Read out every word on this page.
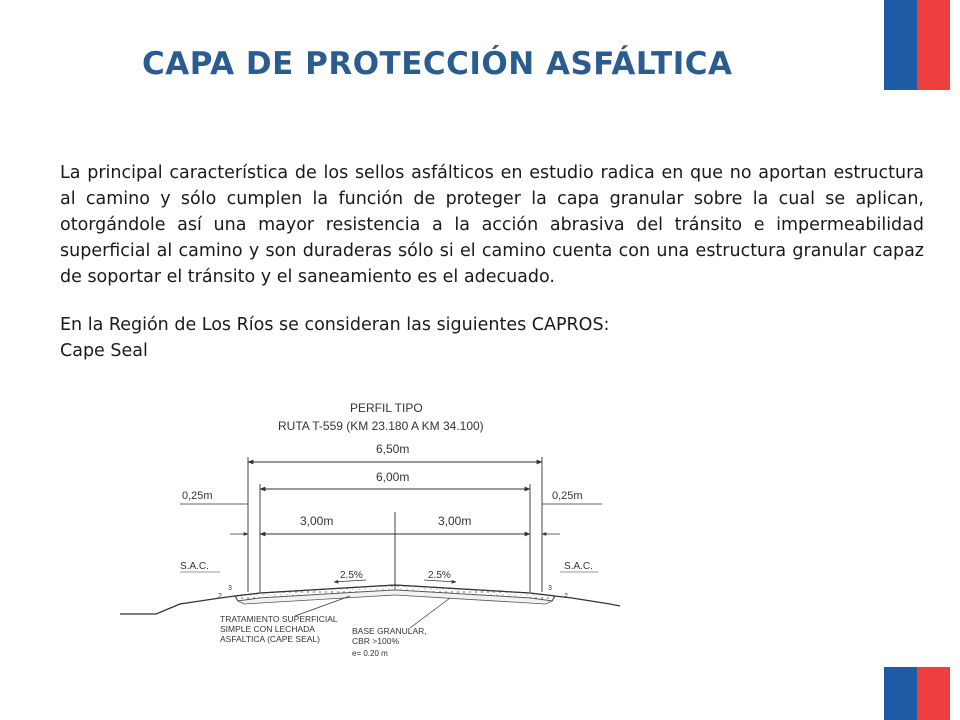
CAPA DE PROTECCIÓN ASFÁLTICA

La principal característica de los sellos asfálticos en estudio radica en que no aportan estructura al camino y sólo cumplen la función de proteger la capa granular sobre la cual se aplican, otorgándole así una mayor resistencia a la acción abrasiva del tránsito e impermeabilidad superficial al camino y son duraderas sólo si el camino cuenta con una estructura granular capaz de soportar el tránsito y el saneamiento es el adecuado.

En la Región de Los Ríos se consideran las siguientes CAPROS:

Cape Seal

PERFIL TIPO
RUTA T-559 (KM 23.180 A KM 34.100)
6,50m
6,00m
3,00m	3,00m
0,25m	0,25m
S.A.C.	S.A.C.
2.5%	2.5%
3
2
3
2
TRATAMIENTO SUPERFICIAL
SIMPLE CON LECHADA
ASFALTICA (CAPE SEAL)
BASE GRANULAR,
CBR >100%
e= 0.20 m
